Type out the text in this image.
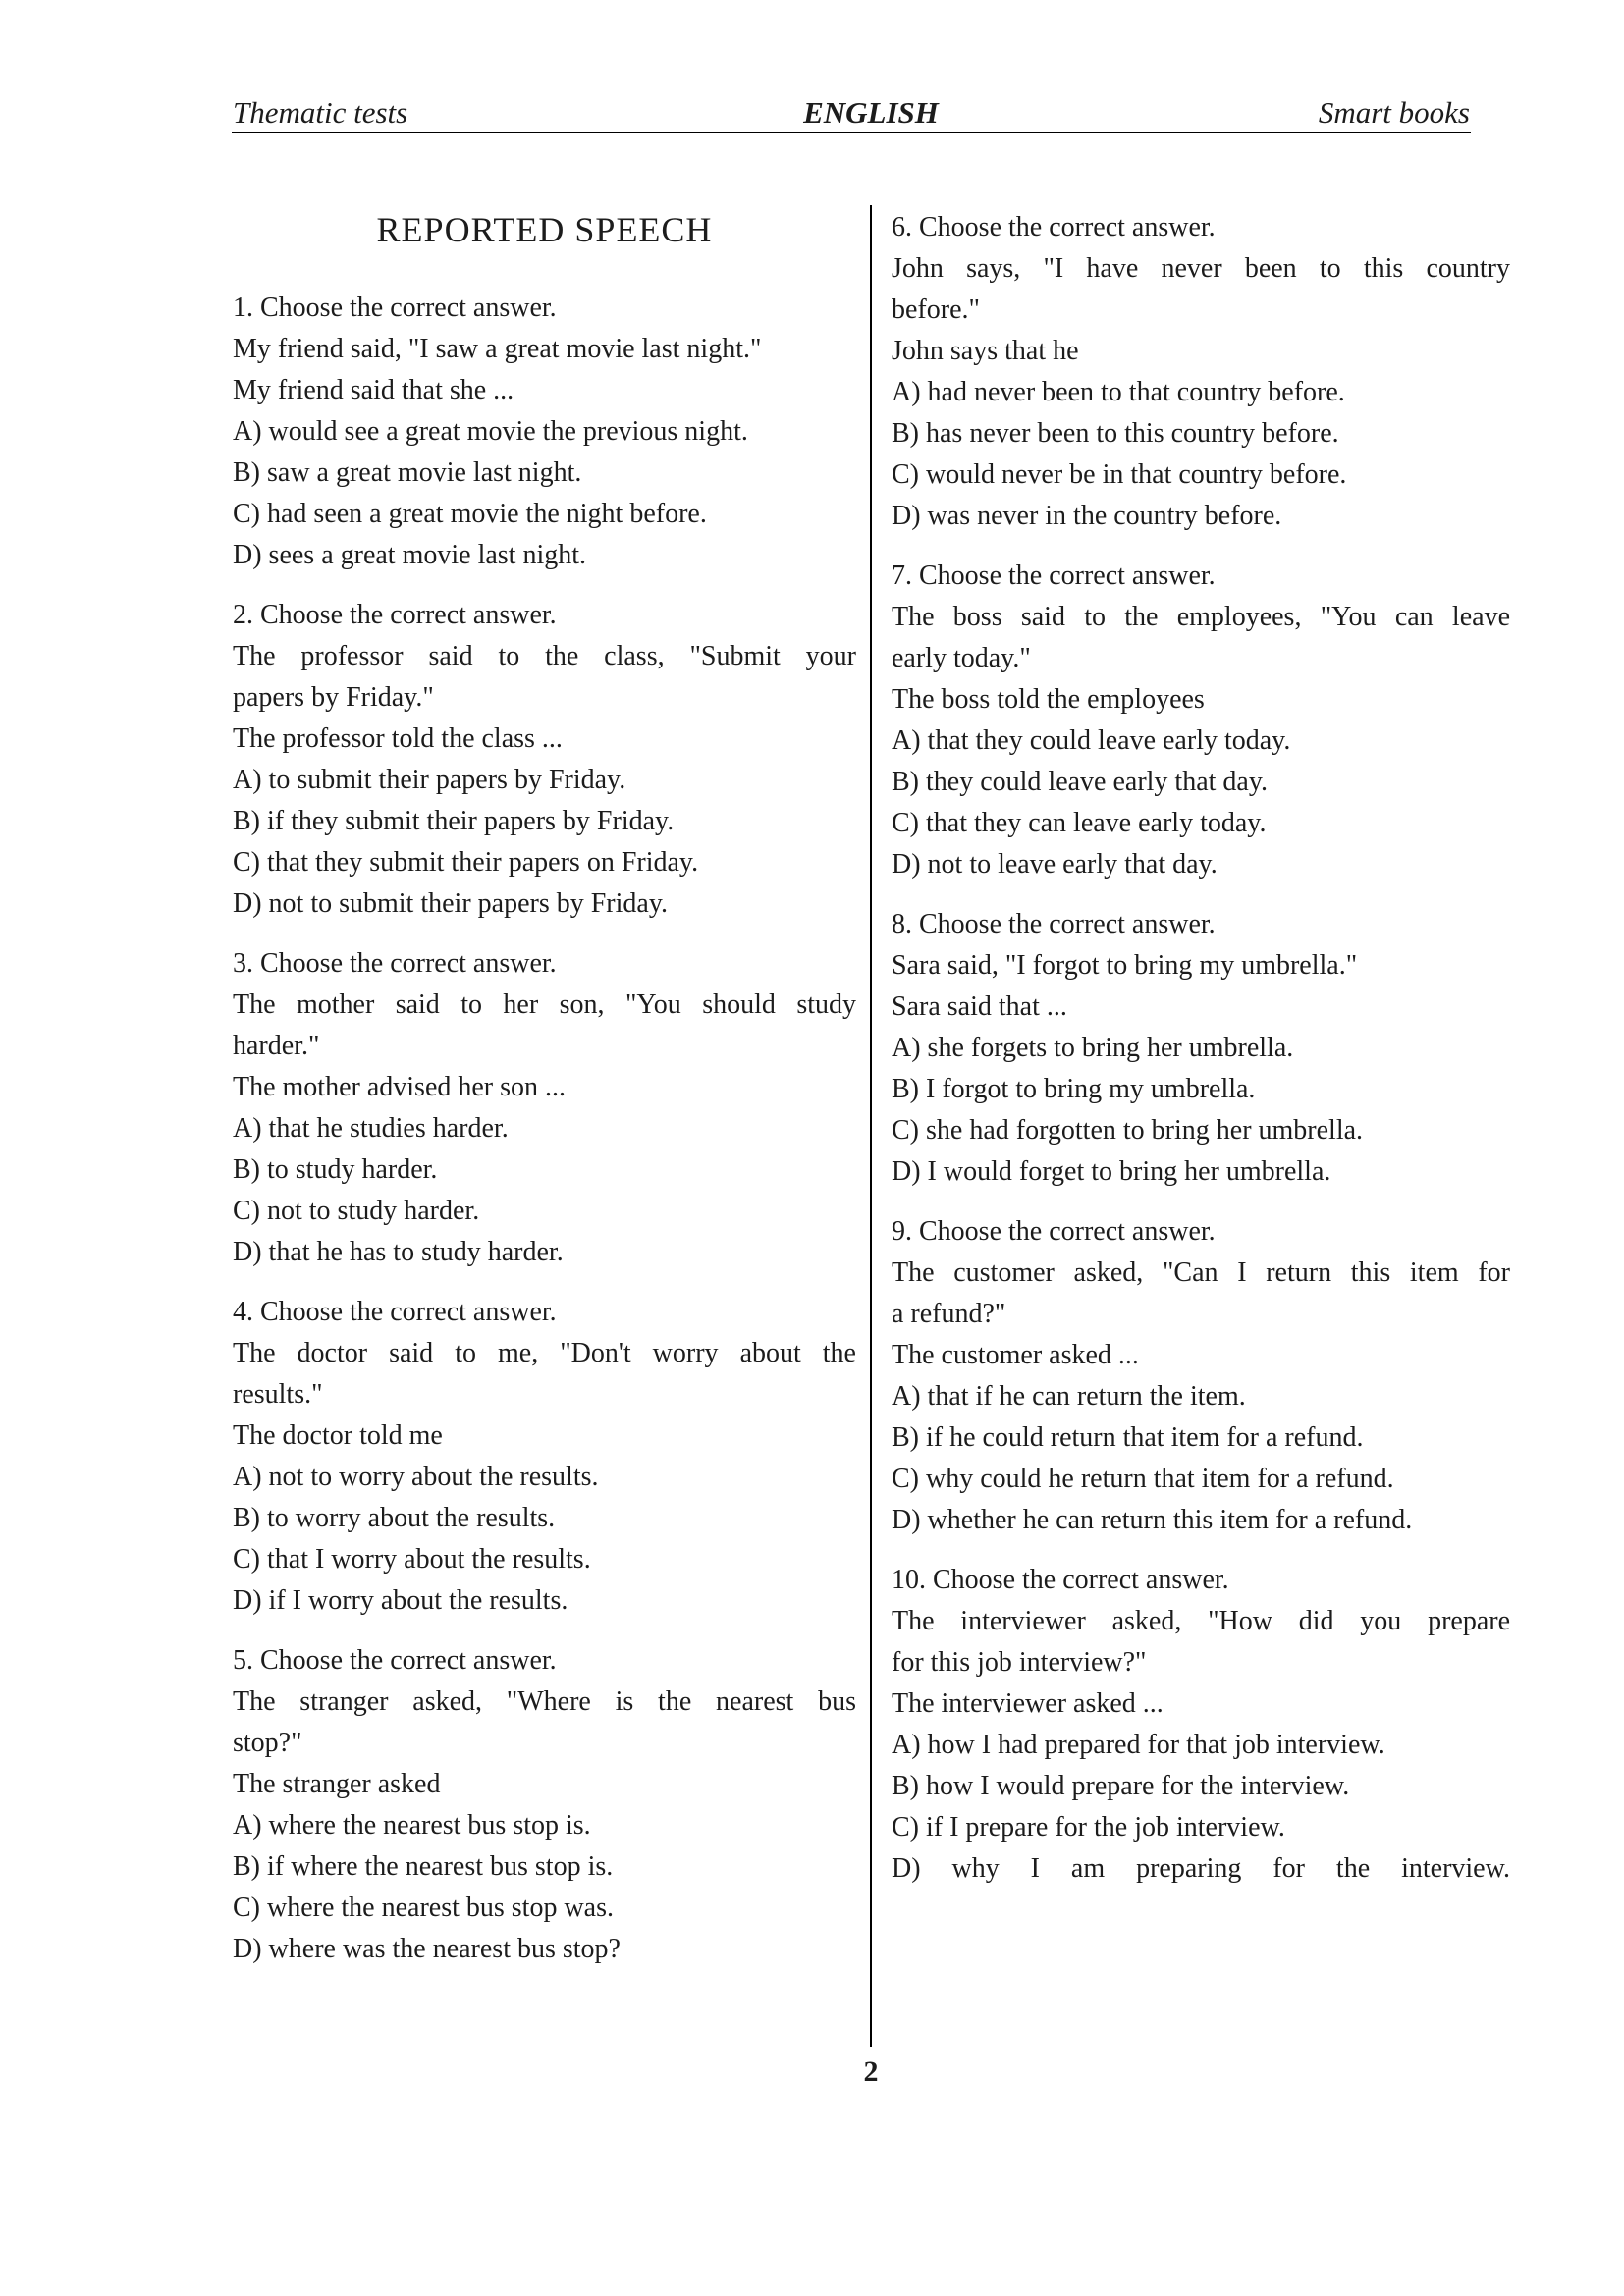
Thematic tests	ENGLISH	Smart books
REPORTED SPEECH
1. Choose the correct answer.
My friend said, "I saw a great movie last night."
My friend said that she ...
A) would see a great movie the previous night.
B) saw a great movie last night.
C) had seen a great movie the night before.
D) sees a great movie last night.
2. Choose the correct answer.
The professor said to the class, "Submit your
papers by Friday."
The professor told the class ...
A) to submit their papers by Friday.
B) if they submit their papers by Friday.
C) that they submit their papers on Friday.
D) not to submit their papers by Friday.
3. Choose the correct answer.
The mother said to her son, "You should study
harder."
The mother advised her son ...
A) that he studies harder.
B) to study harder.
C) not to study harder.
D) that he has to study harder.
4. Choose the correct answer.
The doctor said to me, "Don't worry about the
results."
The doctor told me
A) not to worry about the results.
B) to worry about the results.
C) that I worry about the results.
D) if I worry about the results.
5. Choose the correct answer.
The stranger asked, "Where is the nearest bus
stop?"
The stranger asked
A) where the nearest bus stop is.
B) if where the nearest bus stop is.
C) where the nearest bus stop was.
D) where was the nearest bus stop?
6. Choose the correct answer.
John says, "I have never been to this country
before."
John says that he
A) had never been to that country before.
B) has never been to this country before.
C) would never be in that country before.
D) was never in the country before.
7. Choose the correct answer.
The boss said to the employees, "You can leave
early today."
The boss told the employees
A) that they could leave early today.
B) they could leave early that day.
C) that they can leave early today.
D) not to leave early that day.
8. Choose the correct answer.
Sara said, "I forgot to bring my umbrella."
Sara said that ...
A) she forgets to bring her umbrella.
B) I forgot to bring my umbrella.
C) she had forgotten to bring her umbrella.
D) I would forget to bring her umbrella.
9. Choose the correct answer.
The customer asked, "Can I return this item for
a refund?"
The customer asked ...
A) that if he can return the item.
B) if he could return that item for a refund.
C) why could he return that item for a refund.
D) whether he can return this item for a refund.
10. Choose the correct answer.
The interviewer asked, "How did you prepare
for this job interview?"
The interviewer asked ...
A) how I had prepared for that job interview.
B) how I would prepare for the interview.
C) if I prepare for the job interview.
D) why I am preparing for the interview.
2
